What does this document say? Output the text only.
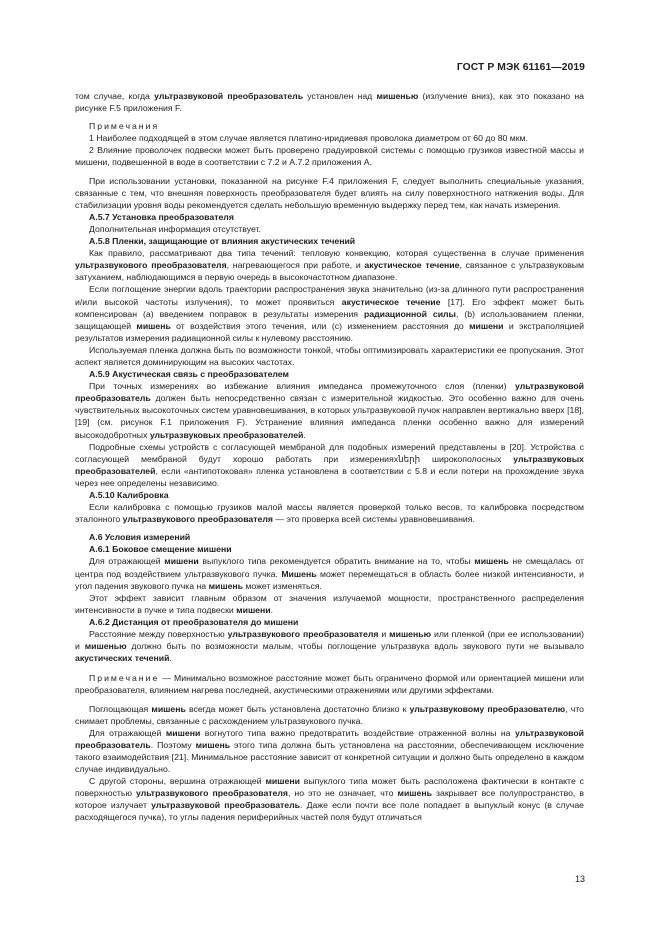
ГОСТ Р МЭК 61161—2019

том случае, когда ультразвуковой преобразователь установлен над мишенью (излучение вниз), как это показано на рисунке F.5 приложения F.

Примечания

1 Наиболее подходящей в этом случае является платино-иридиевая проволока диаметром от 60 до 80 мкм.

2 Влияние проволочек подвески может быть проверено градуировкой системы с помощью грузиков известной массы и мишени, подвешенной в воде в соответствии с 7.2 и А.7.2 приложения А.

При использовании установки, показанной на рисунке F.4 приложения F, следует выполнить специальные указания, связанные с тем, что внешняя поверхность преобразователя будет влиять на силу поверхностного натяжения воды. Для стабилизации уровня воды рекомендуется сделать небольшую временную выдержку перед тем, как начать измерения.

А.5.7 Установка преобразователя

Дополнительная информация отсутствует.

А.5.8 Пленки, защищающие от влияния акустических течений

Как правило, рассматривают два типа течений: тепловую конвекцию, которая существенна в случае применения ультразвукового преобразователя, нагревающегося при работе, и акустическое течение, связанное с ультразвуковым затуханием, наблюдающимся в первую очередь в высокочастотном диапазоне.

Если поглощение энергии вдоль траектории распространения звука значительно (из-за длинного пути распространения и/или высокой частоты излучения), то может проявиться акустическое течение [17]. Его эффект может быть компенсирован (а) введением поправок в результаты измерения радиационной силы, (b) использованием пленки, защищающей мишень от воздействия этого течения, или (с) изменением расстояния до мишени и экстраполяцией результатов измерения радиационной силы к нулевому расстоянию.

Используемая пленка должна быть по возможности тонкой, чтобы оптимизировать характеристики ее пропускания. Этот аспект является доминирующим на высоких частотах.

А.5.9 Акустическая связь с преобразователем

При точных измерениях во избежание влияния импеданса промежуточного слоя (пленки) ультразвуковой преобразователь должен быть непосредственно связан с измерительной жидкостью. Это особенно важно для очень чувствительных высокоточных систем уравновешивания, в которых ультразвуковой пучок направлен вертикально вверх [18], [19] (см. рисунок F.1 приложения F). Устранение влияния импеданса пленки особенно важно для измерений высокодобротных ультразвуковых преобразователей.

Подробные схемы устройств с согласующей мембраной для подобных измерений представлены в [20]. Устройства с согласующей мембраной будут хорошо работать при измеренияхների широкополосных ультразвуковых преобразователей, если «антипотоковая» пленка установлена в соответствии с 5.8 и если потери на прохождение звука через нее определены независимо.

А.5.10 Калибровка

Если калибровка с помощью грузиков малой массы является проверкой только весов, то калибровка посредством эталонного ультразвукового преобразователя — это проверка всей системы уравновешивания.

А.6 Условия измерений

А.6.1 Боковое смещение мишени

Для отражающей мишени выпуклого типа рекомендуется обратить внимание на то, чтобы мишень не смещалась от центра под воздействием ультразвукового пучка. Мишень может перемещаться в область более низкой интенсивности, и угол падения звукового пучка на мишень может изменяться.

Этот эффект зависит главным образом от значения излучаемой мощности, пространственного распределения интенсивности в пучке и типа подвески мишени.

А.6.2 Дистанция от преобразователя до мишени

Расстояние между поверхностью ультразвукового преобразователя и мишенью или пленкой (при ее использовании) и мишенью должно быть по возможности малым, чтобы поглощение ультразвука вдоль звукового пути не вызывало акустических течений.

Примечание — Минимально возможное расстояние может быть ограничено формой или ориентацией мишени или преобразователя, влиянием нагрева последней, акустическими отражениями или другими эффектами.

Поглощающая мишень всегда может быть установлена достаточно близко к ультразвуковому преобразователю, что снимает проблемы, связанные с расхождением ультразвукового пучка.

Для отражающей мишени вогнутого типа важно предотвратить воздействие отраженной волны на ультразвуковой преобразователь. Поэтому мишень этого типа должна быть установлена на расстоянии, обеспечивающем исключение такого взаимодействия [21]. Минимальное расстояние зависит от конкретной ситуации и должно быть определено в каждом случае индивидуально.

С другой стороны, вершина отражающей мишени выпуклого типа может быть расположена фактически в контакте с поверхностью ультразвукового преобразователя, но это не означает, что мишень закрывает все полупространство, в которое излучает ультразвуковой преобразователь. Даже если почти все поле попадает в выпуклый конус (в случае расходящегося пучка), то углы падения периферийных частей поля будут отличаться

13
